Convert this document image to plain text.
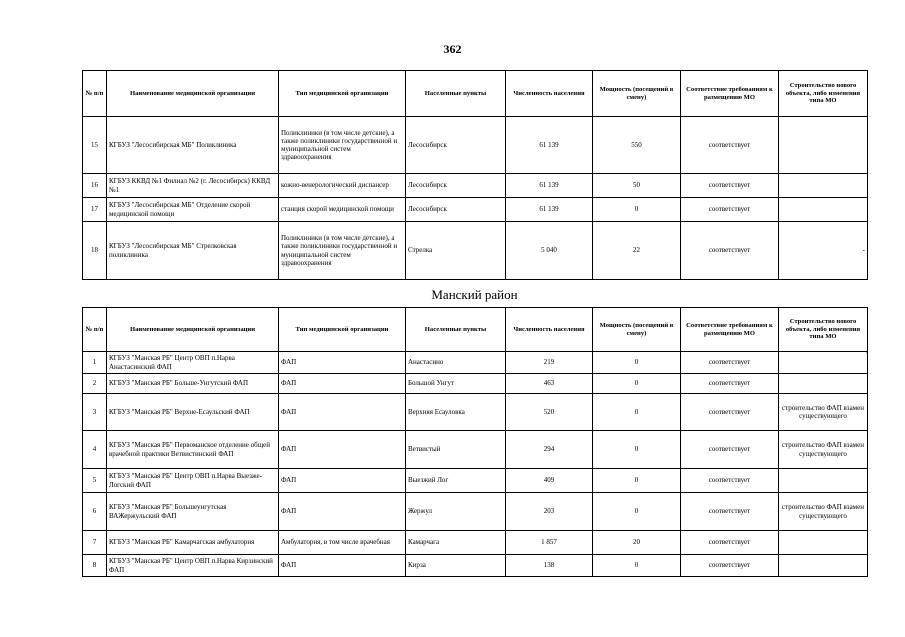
362
№ п/п	Наименование медицинской организации	Тип медицинской организации	Населенные пункты	Численность населения	Мощность (посещений в смену)	Соответствие требованиям к размещению МО	Строительство нового объекта, либо изменения типа МО
15	КГБУЗ "Лесосибирская МБ" Поликлиника	Поликлиники (в том числе детские), а также поликлиники государственной и муниципальной систем здравоохранения	Лесосибирск	61 139	550	соответствует	
16	КГБУЗ ККВД №1 Филиал №2 (г. Лесосибирск) ККВД №1	кожно-венерологический диспансер	Лесосибирск	61 139	50	соответствует	
17	КГБУЗ "Лесосибирская МБ" Отделение скорой медицинской помощи	станция скорой медицинской помощи	Лесосибирск	61 139	0	соответствует	
18	КГБУЗ "Лесосибирская МБ" Стрелковская поликлиника	Поликлиники (в том числе детские), а также поликлиники государственной и муниципальной систем здравоохранения	Стрелка	5 040	22	соответствует	-
Манский район
№ п/п	Наименование медицинской организации	Тип медицинской организации	Населенные пункты	Численность населения	Мощность (посещений в смену)	Соответствие требованиям к размещению МО	Строительство нового объекта, либо изменения типа МО
1	КГБУЗ "Манская РБ" Центр ОВП п.Нарва Анастасинский ФАП	ФАП	Анастасино	219	0	соответствует	
2	КГБУЗ "Манская РБ" Больше-Унгутский ФАП	ФАП	Большой Унгут	463	0	соответствует	
3	КГБУЗ "Манская РБ" Верхне-Есаульский ФАП	ФАП	Верхняя Есауловка	520	0	соответствует	строительство ФАП взамен существующего
4	КГБУЗ "Манская РБ" Первоманское отделение общей врачебной практики Ветвистинский ФАП	ФАП	Ветвистый	294	0	соответствует	строительство ФАП взамен существующего
5	КГБУЗ "Манская РБ" Центр ОВП п.Нарва Выезже-Логский ФАП	ФАП	Выезжий Лог	409	0	соответствует	
6	КГБУЗ "Манская РБ" Большеунгутская ВАЖержульский ФАП	ФАП	Жержул	203	0	соответствует	строительство ФАП взамен существующего
7	КГБУЗ "Манская РБ" Камарчагская амбулатория	Амбулатория, в том числе врачебная	Камарчага	1 857	20	соответствует	
8	КГБУЗ "Манская РБ" Центр ОВП п.Нарва Кирзинский ФАП	ФАП	Кирза	138	0	соответствует	
.
